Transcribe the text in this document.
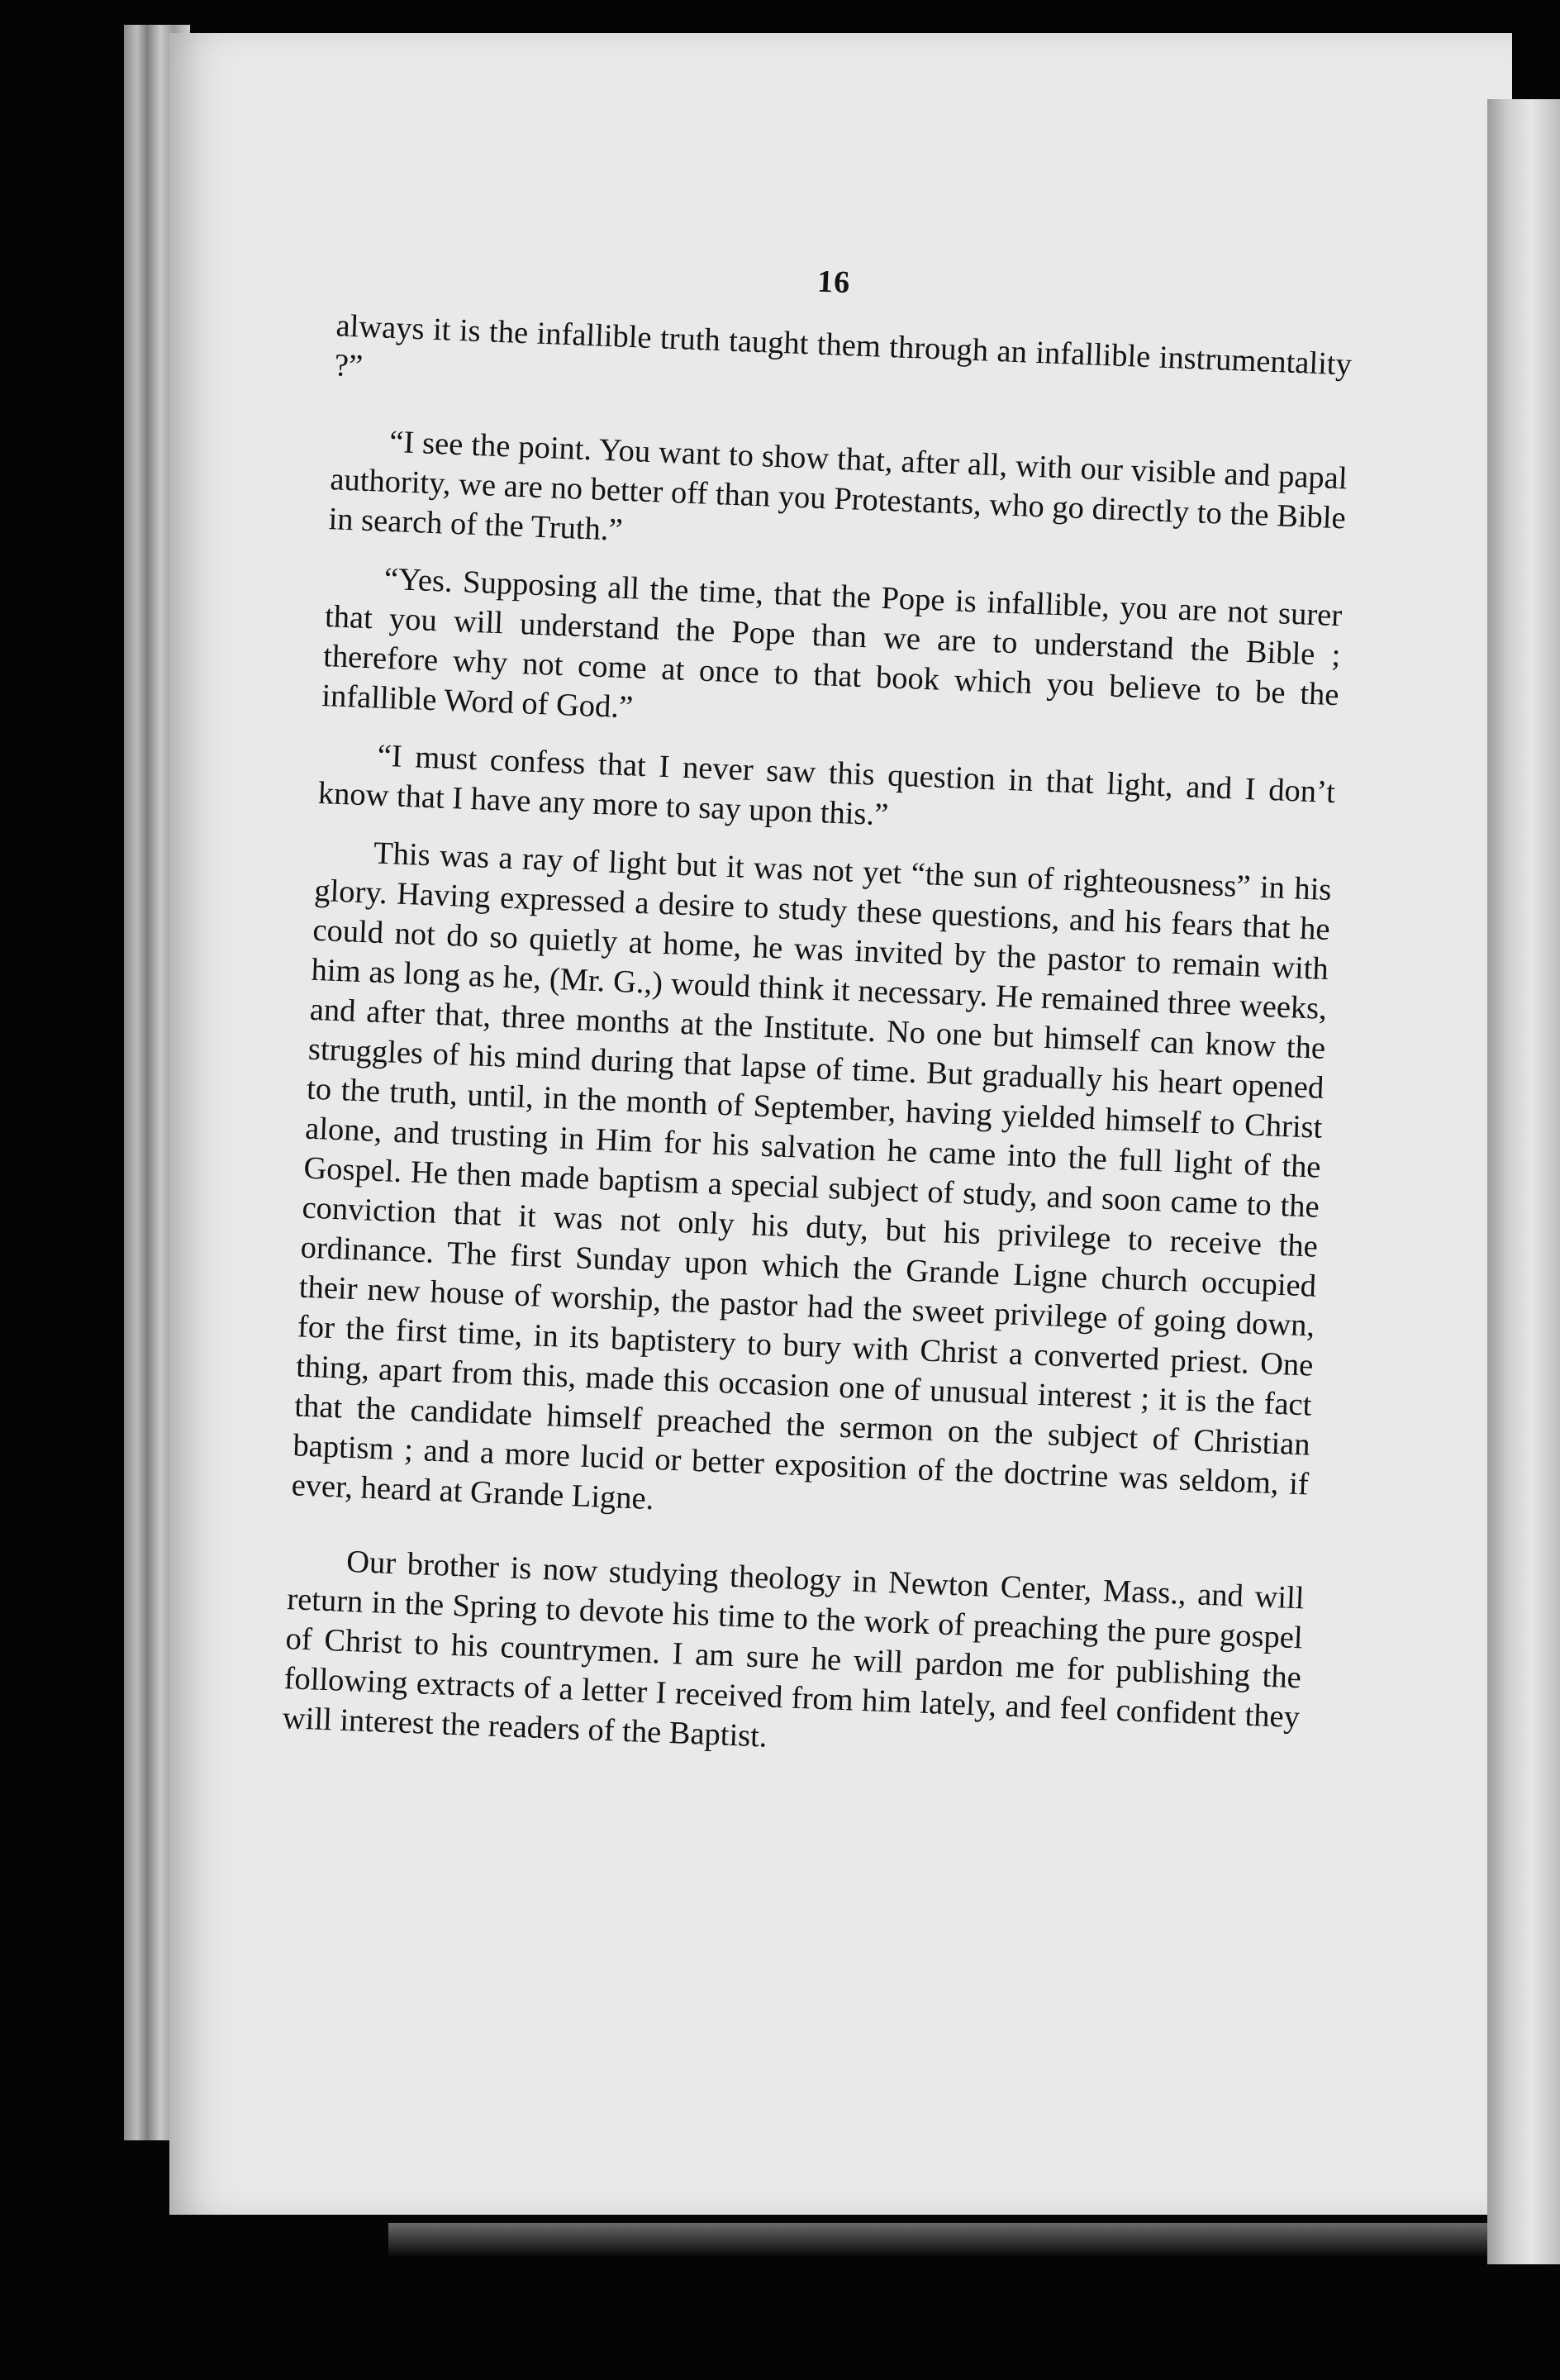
16

always it is the infallible truth taught them through an infallible instrumentality ?”

“I see the point. You want to show that, after all, with our visible and papal authority, we are no better off than you Protestants, who go directly to the Bible in search of the Truth.”

“Yes. Supposing all the time, that the Pope is infallible, you are not surer that you will understand the Pope than we are to understand the Bible ; therefore why not come at once to that book which you believe to be the infallible Word of God.”

“I must confess that I never saw this question in that light, and I don’t know that I have any more to say upon this.”

This was a ray of light but it was not yet “the sun of righteousness” in his glory. Having expressed a desire to study these questions, and his fears that he could not do so quietly at home, he was invited by the pastor to remain with him as long as he, (Mr. G.,) would think it necessary. He remained three weeks, and after that, three months at the Institute. No one but himself can know the struggles of his mind during that lapse of time. But gradually his heart opened to the truth, until, in the month of September, having yielded himself to Christ alone, and trusting in Him for his salvation he came into the full light of the Gospel. He then made baptism a special subject of study, and soon came to the conviction that it was not only his duty, but his privilege to receive the ordinance. The first Sunday upon which the Grande Ligne church occupied their new house of worship, the pastor had the sweet privilege of going down, for the first time, in its baptistery to bury with Christ a converted priest. One thing, apart from this, made this occasion one of unusual interest ; it is the fact that the candidate himself preached the sermon on the subject of Christian baptism ; and a more lucid or better exposition of the doctrine was seldom, if ever, heard at Grande Ligne.

Our brother is now studying theology in Newton Center, Mass., and will return in the Spring to devote his time to the work of preaching the pure gospel of Christ to his countrymen. I am sure he will pardon me for publishing the following extracts of a letter I received from him lately, and feel confident they will interest the readers of the Baptist.
